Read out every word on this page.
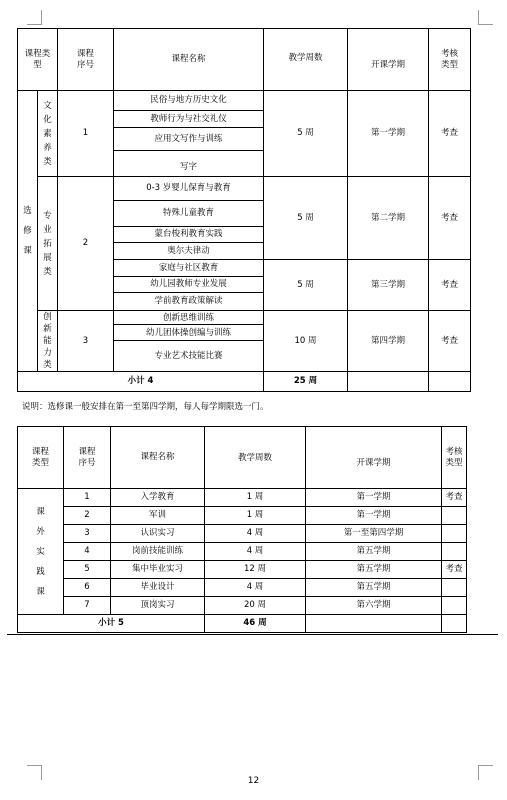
课程类型		课程序号	课程名称	教学周数	开课学期	考核类型
选修课	文化素养类	1	民俗与地方历史文化	5 周	第一学期	考查
			教师行为与社交礼仪			
			应用文写作与训练			
			写字			
	专业拓展类	2	0-3 岁婴儿保育与教育	5 周	第二学期	考查
			特殊儿童教育			
			蒙台梭利教育实践			
			奥尔夫律动			
			家庭与社区教育	5 周	第三学期	考查
			幼儿园教师专业发展			
			学前教育政策解读			
	创新能力类	3	创新思维训练	10 周	第四学期	考查
			幼儿团体操创编与训练			
			专业艺术技能比赛			
小计 4				25 周		
说明：选修课一般安排在第一至第四学期，每人每学期限选一门。
课程类型	课程序号	课程名称	教学周数	开课学期	考核类型
课外实践课	1	入学教育	1 周	第一学期	考查
	2	军训	1 周	第一学期	
	3	认识实习	4 周	第一至第四学期	
	4	岗前技能训练	4 周	第五学期	
	5	集中毕业实习	12 周	第五学期	考查
	6	毕业设计	4 周	第五学期	
	7	顶岗实习	20 周	第六学期	
小计 5			46 周		
12
